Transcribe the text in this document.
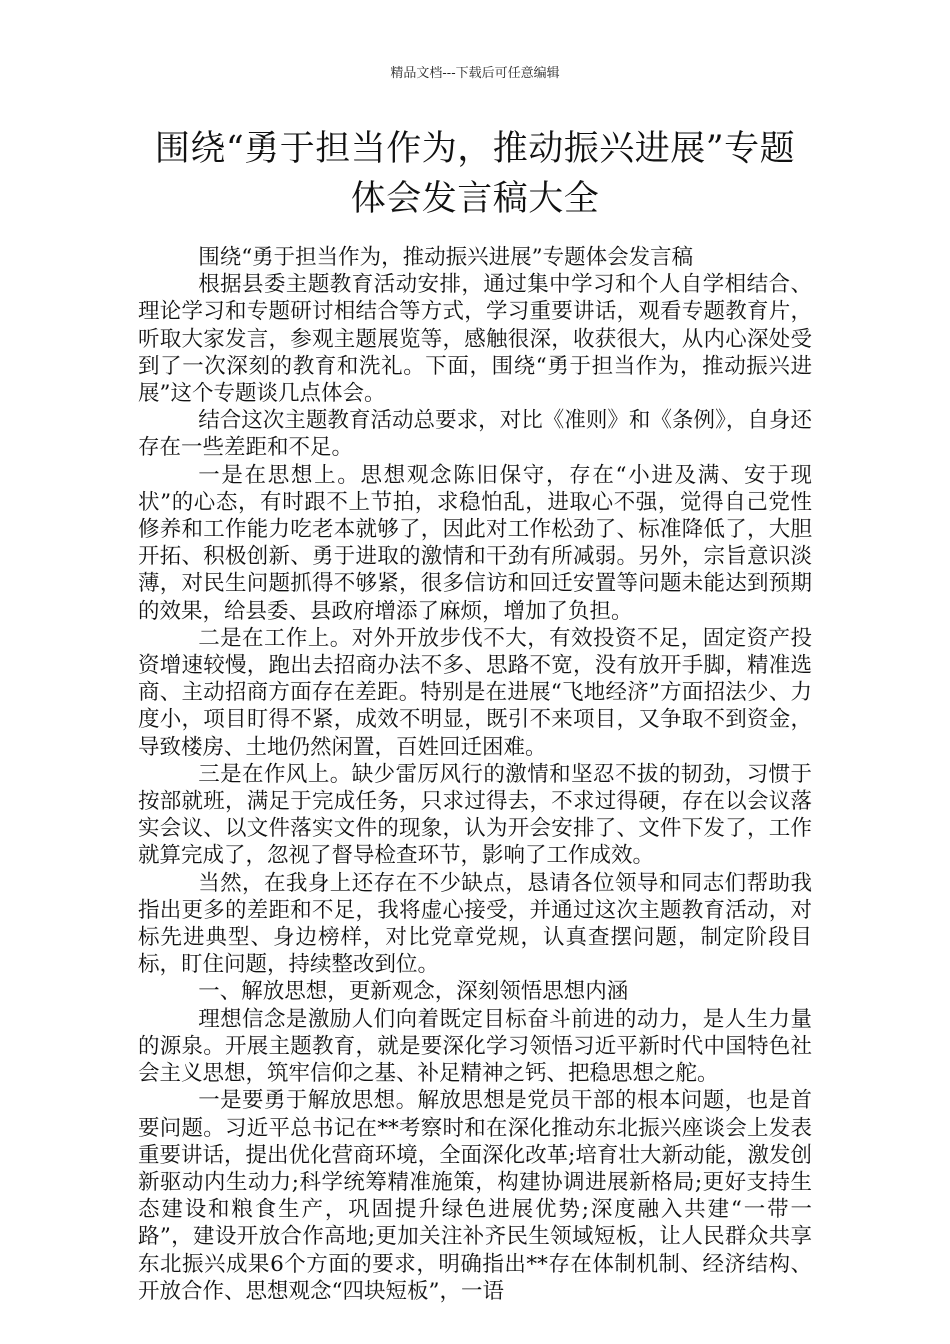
精品文档---下载后可任意编辑
围绕“勇于担当作为，推动振兴进展”专题体会发言稿大全

围绕“勇于担当作为，推动振兴进展”专题体会发言稿

根据县委主题教育活动安排，通过集中学习和个人自学相结合、理论学习和专题研讨相结合等方式，学习重要讲话，观看专题教育片，听取大家发言，参观主题展览等，感触很深，收获很大，从内心深处受到了一次深刻的教育和洗礼。下面，围绕“勇于担当作为，推动振兴进展”这个专题谈几点体会。

结合这次主题教育活动总要求，对比《准则》和《条例》，自身还存在一些差距和不足。

一是在思想上。思想观念陈旧保守，存在“小进及满、安于现状”的心态，有时跟不上节拍，求稳怕乱，进取心不强，觉得自己党性修养和工作能力吃老本就够了，因此对工作松劲了、标准降低了，大胆开拓、积极创新、勇于进取的激情和干劲有所减弱。另外，宗旨意识淡薄，对民生问题抓得不够紧，很多信访和回迁安置等问题未能达到预期的效果，给县委、县政府增添了麻烦，增加了负担。

二是在工作上。对外开放步伐不大，有效投资不足，固定资产投资增速较慢，跑出去招商办法不多、思路不宽，没有放开手脚，精准选商、主动招商方面存在差距。特别是在进展“飞地经济”方面招法少、力度小，项目盯得不紧，成效不明显，既引不来项目，又争取不到资金，导致楼房、土地仍然闲置，百姓回迁困难。

三是在作风上。缺少雷厉风行的激情和坚忍不拔的韧劲，习惯于按部就班，满足于完成任务，只求过得去，不求过得硬，存在以会议落实会议、以文件落实文件的现象，认为开会安排了、文件下发了，工作就算完成了，忽视了督导检查环节，影响了工作成效。

当然，在我身上还存在不少缺点，恳请各位领导和同志们帮助我指出更多的差距和不足，我将虚心接受，并通过这次主题教育活动，对标先进典型、身边榜样，对比党章党规，认真查摆问题，制定阶段目标，盯住问题，持续整改到位。

一、解放思想，更新观念，深刻领悟思想内涵

理想信念是激励人们向着既定目标奋斗前进的动力，是人生力量的源泉。开展主题教育，就是要深化学习领悟习近平新时代中国特色社会主义思想，筑牢信仰之基、补足精神之钙、把稳思想之舵。

一是要勇于解放思想。解放思想是党员干部的根本问题，也是首要问题。习近平总书记在**考察时和在深化推动东北振兴座谈会上发表重要讲话，提出优化营商环境，全面深化改革;培育壮大新动能，激发创新驱动内生动力;科学统筹精准施策，构建协调进展新格局;更好支持生态建设和粮食生产，巩固提升绿色进展优势;深度融入共建“一带一路”，建设开放合作高地;更加关注补齐民生领域短板，让人民群众共享东北振兴成果6个方面的要求，明确指出**存在体制机制、经济结构、开放合作、思想观念“四块短板”，一语
